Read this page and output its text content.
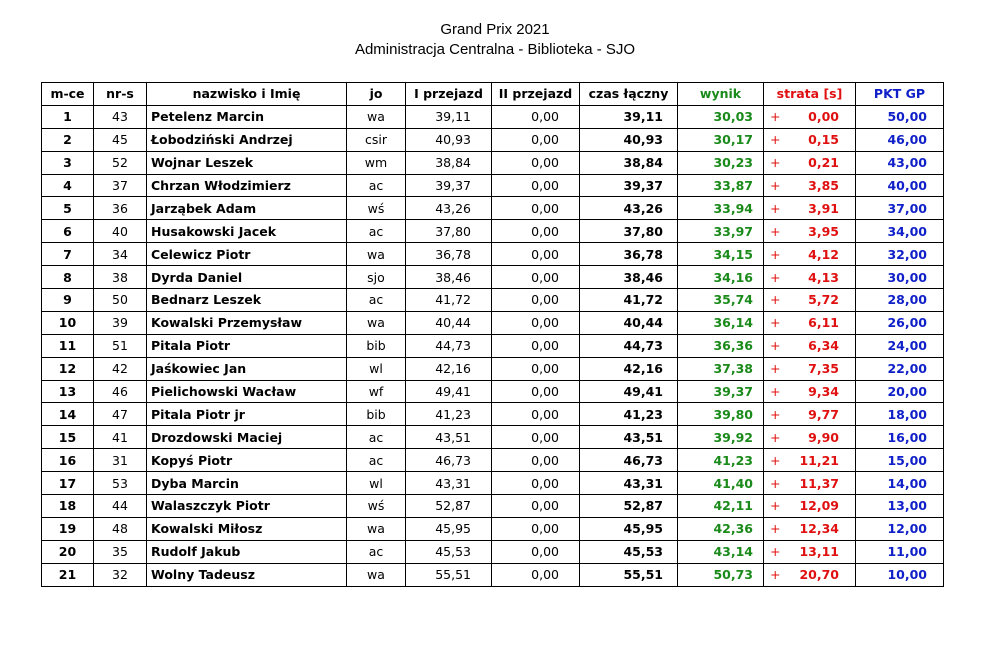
Grand Prix 2021
Administracja Centralna - Biblioteka - SJO
m-ce	nr-s	nazwisko i Imię	jo	I przejazd	II przejazd	czas łączny	wynik	strata [s]	PKT GP
1	43	Petelenz Marcin	wa	39,11	0,00	39,11	30,03	+ 0,00	50,00
2	45	Łobodziński Andrzej	csir	40,93	0,00	40,93	30,17	+ 0,15	46,00
3	52	Wojnar Leszek	wm	38,84	0,00	38,84	30,23	+ 0,21	43,00
4	37	Chrzan Włodzimierz	ac	39,37	0,00	39,37	33,87	+ 3,85	40,00
5	36	Jarząbek Adam	wś	43,26	0,00	43,26	33,94	+ 3,91	37,00
6	40	Husakowski Jacek	ac	37,80	0,00	37,80	33,97	+ 3,95	34,00
7	34	Celewicz Piotr	wa	36,78	0,00	36,78	34,15	+ 4,12	32,00
8	38	Dyrda Daniel	sjo	38,46	0,00	38,46	34,16	+ 4,13	30,00
9	50	Bednarz Leszek	ac	41,72	0,00	41,72	35,74	+ 5,72	28,00
10	39	Kowalski Przemysław	wa	40,44	0,00	40,44	36,14	+ 6,11	26,00
11	51	Pitala Piotr	bib	44,73	0,00	44,73	36,36	+ 6,34	24,00
12	42	Jaśkowiec Jan	wl	42,16	0,00	42,16	37,38	+ 7,35	22,00
13	46	Pielichowski Wacław	wf	49,41	0,00	49,41	39,37	+ 9,34	20,00
14	47	Pitala Piotr jr	bib	41,23	0,00	41,23	39,80	+ 9,77	18,00
15	41	Drozdowski Maciej	ac	43,51	0,00	43,51	39,92	+ 9,90	16,00
16	31	Kopyś Piotr	ac	46,73	0,00	46,73	41,23	+ 11,21	15,00
17	53	Dyba Marcin	wl	43,31	0,00	43,31	41,40	+ 11,37	14,00
18	44	Walaszczyk Piotr	wś	52,87	0,00	52,87	42,11	+ 12,09	13,00
19	48	Kowalski Miłosz	wa	45,95	0,00	45,95	42,36	+ 12,34	12,00
20	35	Rudolf Jakub	ac	45,53	0,00	45,53	43,14	+ 13,11	11,00
21	32	Wolny Tadeusz	wa	55,51	0,00	55,51	50,73	+ 20,70	10,00
